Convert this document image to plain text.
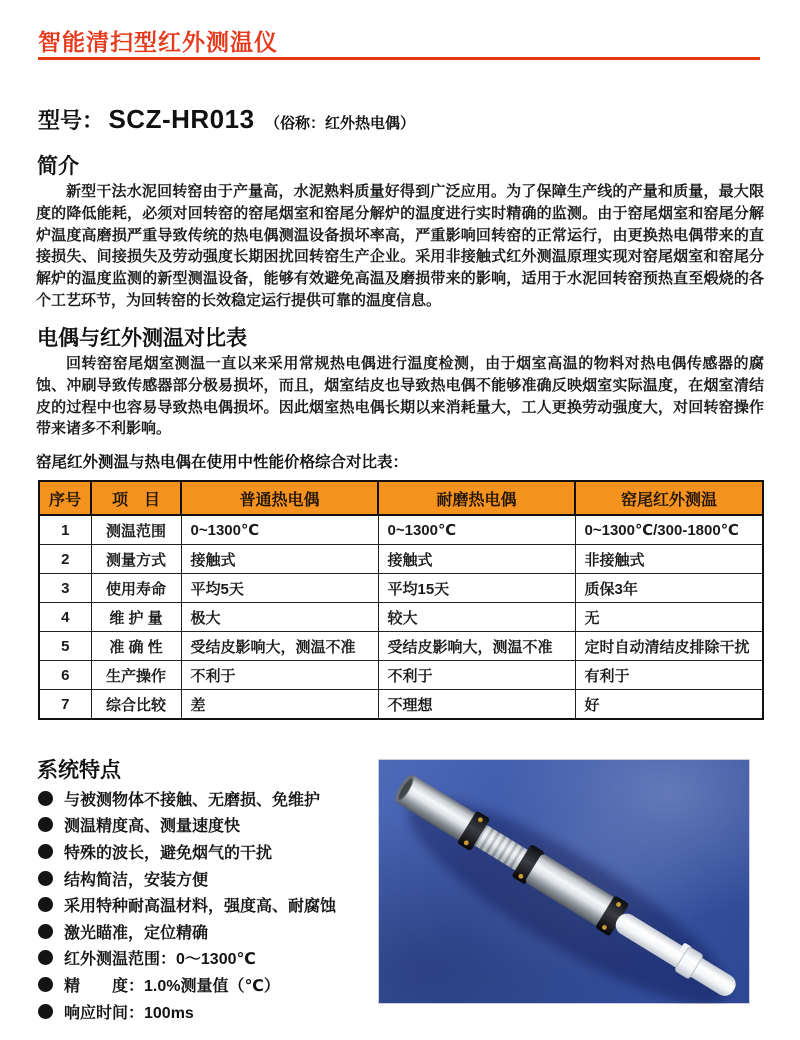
智能清扫型红外测温仪
型号： SCZ-HR013 （俗称：红外热电偶）
简介

新型干法水泥回转窑由于产量高，水泥熟料质量好得到广泛应用。为了保障生产线的产量和质量，最大限度的降低能耗，必须对回转窑的窑尾烟室和窑尾分解炉的温度进行实时精确的监测。由于窑尾烟室和窑尾分解炉温度高磨损严重导致传统的热电偶测温设备损坏率高，严重影响回转窑的正常运行，由更换热电偶带来的直接损失、间接损失及劳动强度长期困扰回转窑生产企业。采用非接触式红外测温原理实现对窑尾烟室和窑尾分解炉的温度监测的新型测温设备，能够有效避免高温及磨损带来的影响，适用于水泥回转窑预热直至煅烧的各个工艺环节，为回转窑的长效稳定运行提供可靠的温度信息。

电偶与红外测温对比表

回转窑窑尾烟室测温一直以来采用常规热电偶进行温度检测，由于烟室高温的物料对热电偶传感器的腐蚀、冲刷导致传感器部分极易损坏，而且，烟室结皮也导致热电偶不能够准确反映烟室实际温度，在烟室清结皮的过程中也容易导致热电偶损坏。因此烟室热电偶长期以来消耗量大，工人更换劳动强度大，对回转窑操作带来诸多不利影响。

窑尾红外测温与热电偶在使用中性能价格综合对比表：

序号	项　目	普通热电偶	耐磨热电偶	窑尾红外测温
1	测温范围	0~1300℃	0~1300℃	0~1300℃/300-1800℃
2	测量方式	接触式	接触式	非接触式
3	使用寿命	平均5天	平均15天	质保3年
4	维 护 量	极大	较大	无
5	准 确 性	受结皮影响大，测温不准	受结皮影响大，测温不准	定时自动清结皮排除干扰
6	生产操作	不利于	不利于	有利于
7	综合比较	差	不理想	好
系统特点
与被测物体不接触、无磨损、免维护
测温精度高、测量速度快
特殊的波长，避免烟气的干扰
结构简洁，安装方便
采用特种耐高温材料，强度高、耐腐蚀
激光瞄准，定位精确
红外测温范围：0～1300℃
精　　度：1.0%测量值（℃）
响应时间：100ms
